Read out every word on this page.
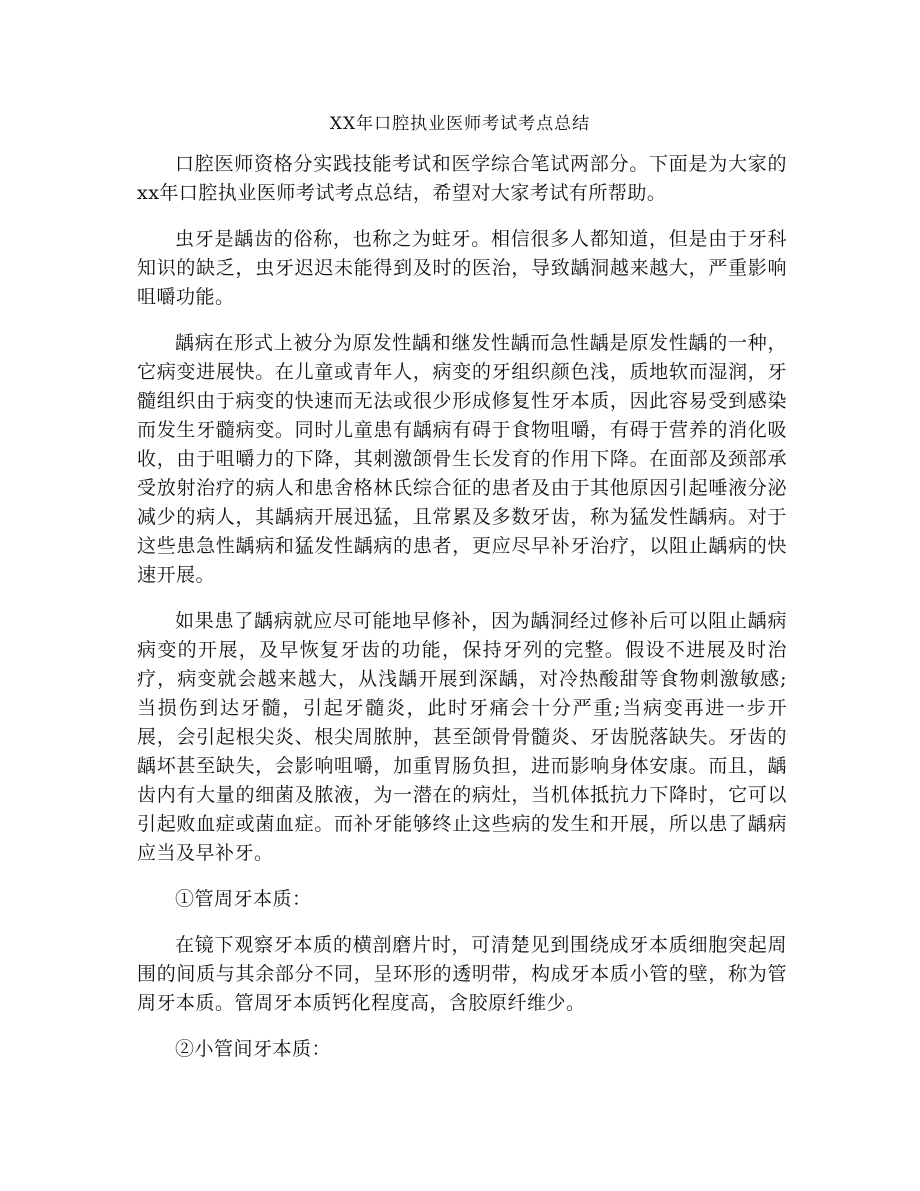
XX年口腔执业医师考试考点总结

口腔医师资格分实践技能考试和医学综合笔试两部分。下面是为大家的xx年口腔执业医师考试考点总结，希望对大家考试有所帮助。

虫牙是龋齿的俗称，也称之为蛀牙。相信很多人都知道，但是由于牙科知识的缺乏，虫牙迟迟未能得到及时的医治，导致龋洞越来越大，严重影响咀嚼功能。

龋病在形式上被分为原发性龋和继发性龋而急性龋是原发性龋的一种，它病变进展快。在儿童或青年人，病变的牙组织颜色浅，质地软而湿润，牙髓组织由于病变的快速而无法或很少形成修复性牙本质，因此容易受到感染而发生牙髓病变。同时儿童患有龋病有碍于食物咀嚼，有碍于营养的消化吸收，由于咀嚼力的下降，其刺激颌骨生长发育的作用下降。在面部及颈部承受放射治疗的病人和患舍格林氏综合征的患者及由于其他原因引起唾液分泌减少的病人，其龋病开展迅猛，且常累及多数牙齿，称为猛发性龋病。对于这些患急性龋病和猛发性龋病的患者，更应尽早补牙治疗，以阻止龋病的快速开展。

如果患了龋病就应尽可能地早修补，因为龋洞经过修补后可以阻止龋病病变的开展，及早恢复牙齿的功能，保持牙列的完整。假设不进展及时治疗，病变就会越来越大，从浅龋开展到深龋，对冷热酸甜等食物刺激敏感;当损伤到达牙髓，引起牙髓炎，此时牙痛会十分严重;当病变再进一步开展，会引起根尖炎、根尖周脓肿，甚至颌骨骨髓炎、牙齿脱落缺失。牙齿的龋坏甚至缺失，会影响咀嚼，加重胃肠负担，进而影响身体安康。而且，龋齿内有大量的细菌及脓液，为一潜在的病灶，当机体抵抗力下降时，它可以引起败血症或菌血症。而补牙能够终止这些病的发生和开展，所以患了龋病应当及早补牙。

①管周牙本质：

在镜下观察牙本质的横剖磨片时，可清楚见到围绕成牙本质细胞突起周围的间质与其余部分不同，呈环形的透明带，构成牙本质小管的壁，称为管周牙本质。管周牙本质钙化程度高，含胶原纤维少。

②小管间牙本质：
